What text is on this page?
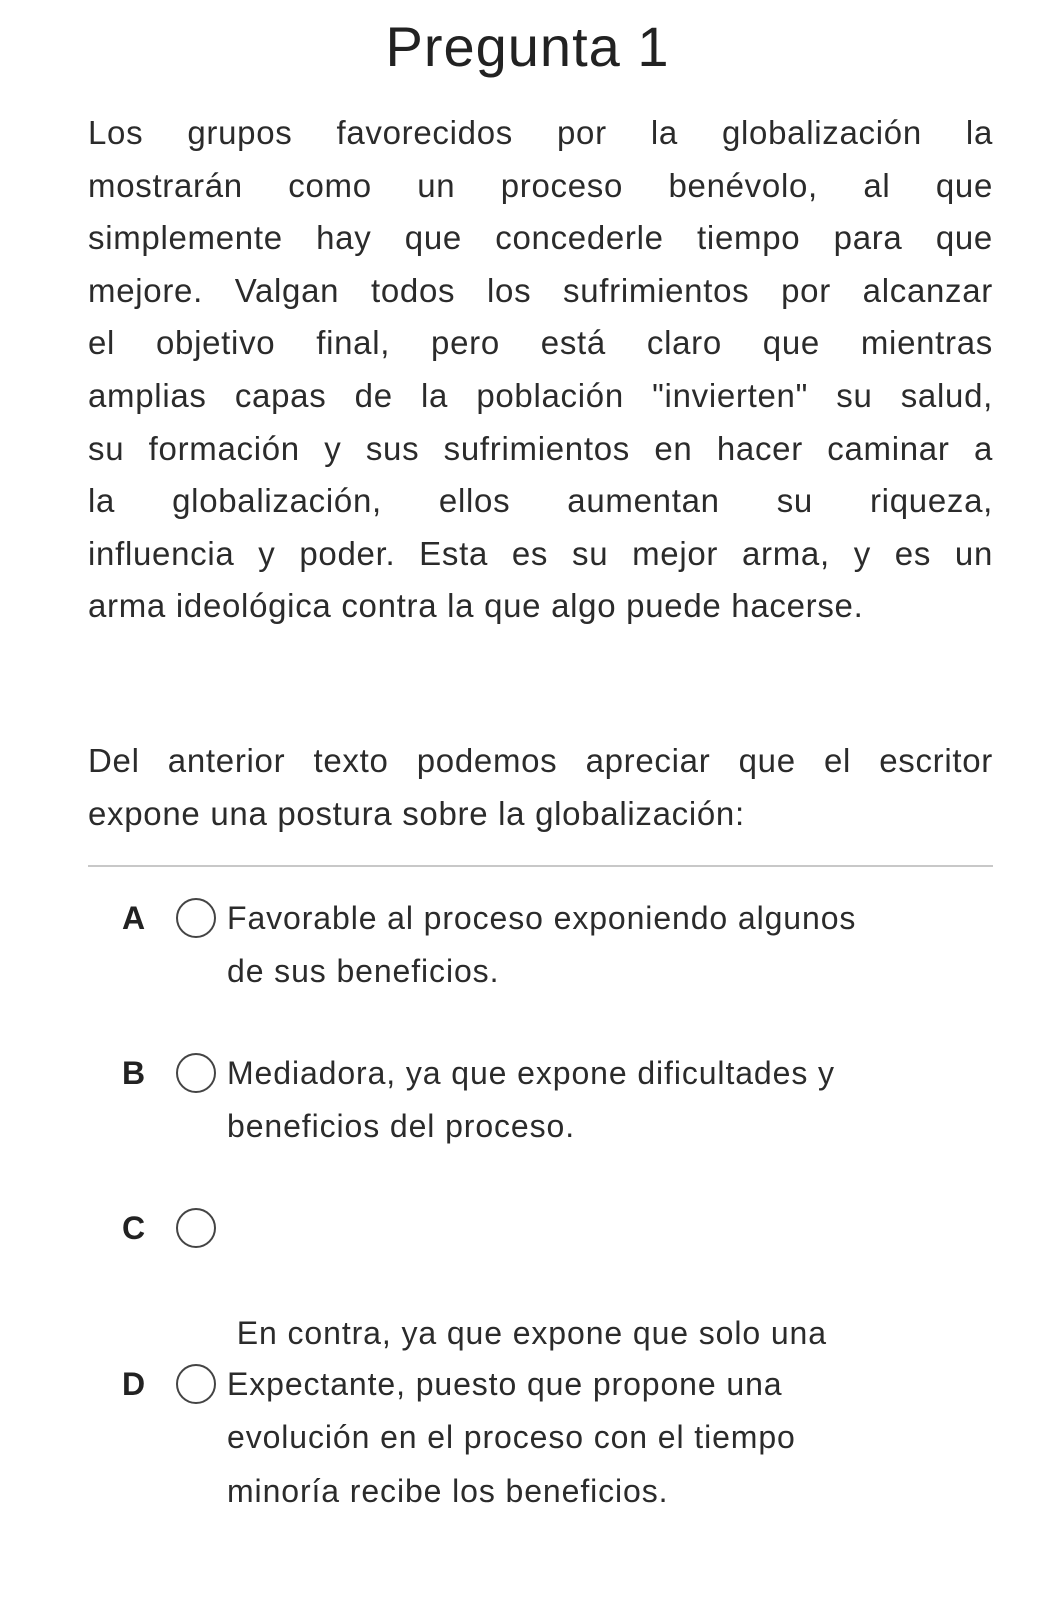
Pregunta 1
Los grupos favorecidos por la globalización la
mostrarán como un proceso benévolo, al que
simplemente hay que concederle tiempo para que
mejore. Valgan todos los sufrimientos por alcanzar
el objetivo final, pero está claro que mientras
amplias capas de la población "invierten" su salud,
su formación y sus sufrimientos en hacer caminar a
la globalización, ellos aumentan su riqueza,
influencia y poder. Esta es su mejor arma, y es un
arma ideológica contra la que algo puede hacerse.
Del anterior texto podemos apreciar que el escritor
expone una postura sobre la globalización:
A	Favorable al proceso exponiendo algunos
de sus beneficios.
B	Mediadora, ya que expone dificultades y
beneficios del proceso.
C

En contra, ya que expone que solo una

minoría recibe los beneficios.

D	Expectante, puesto que propone una
evolución en el proceso con el tiempo
